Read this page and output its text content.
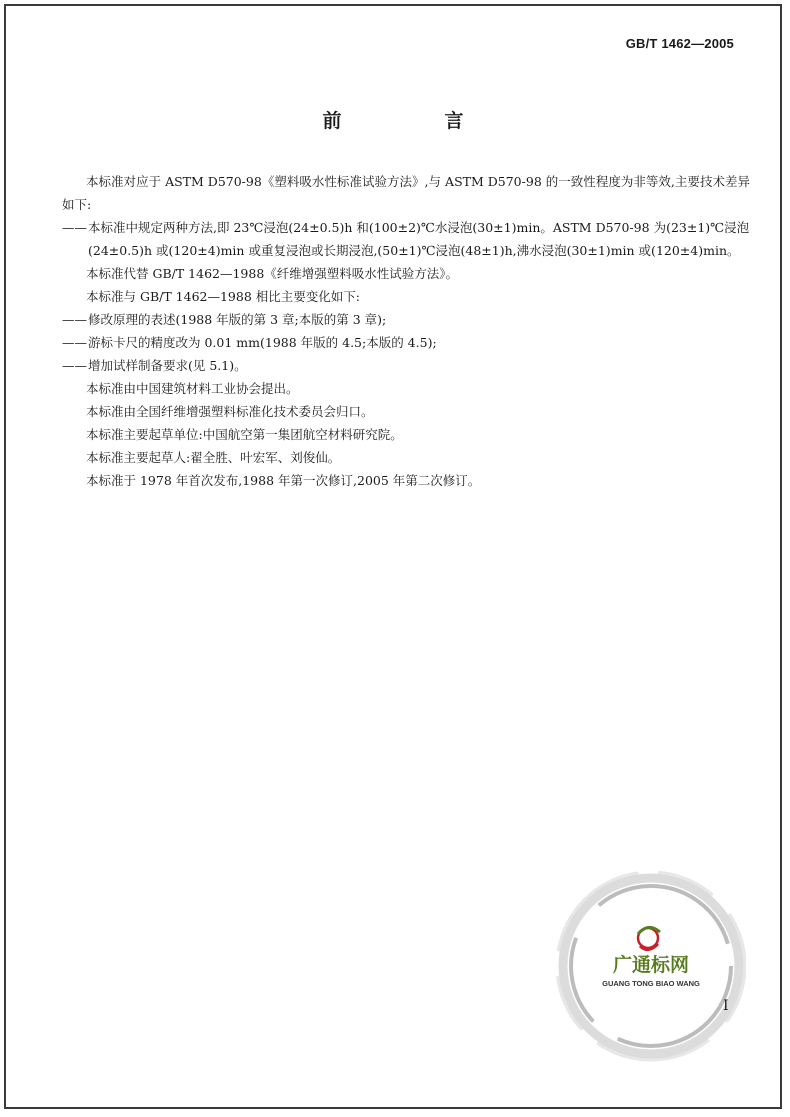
GB/T 1462—2005
前　言

本标准对应于 ASTM D570-98《塑料吸水性标准试验方法》,与 ASTM D570-98 的一致性程度为非等效,主要技术差异如下:

——本标准中规定两种方法,即 23℃浸泡(24±0.5)h 和(100±2)℃水浸泡(30±1)min。ASTM D570-98 为(23±1)℃浸泡(24±0.5)h 或(120±4)min 或重复浸泡或长期浸泡,(50±1)℃浸泡(48±1)h,沸水浸泡(30±1)min 或(120±4)min。

本标准代替 GB/T 1462—1988《纤维增强塑料吸水性试验方法》。

本标准与 GB/T 1462—1988 相比主要变化如下:

——修改原理的表述(1988 年版的第 3 章;本版的第 3 章);

——游标卡尺的精度改为 0.01 mm(1988 年版的 4.5;本版的 4.5);

——增加试样制备要求(见 5.1)。

本标准由中国建筑材料工业协会提出。

本标准由全国纤维增强塑料标准化技术委员会归口。

本标准主要起草单位:中国航空第一集团航空材料研究院。

本标准主要起草人:翟全胜、叶宏军、刘俊仙。

本标准于 1978 年首次发布,1988 年第一次修订,2005 年第二次修订。

广通标网
GUANG TONG BIAO WANG
I
